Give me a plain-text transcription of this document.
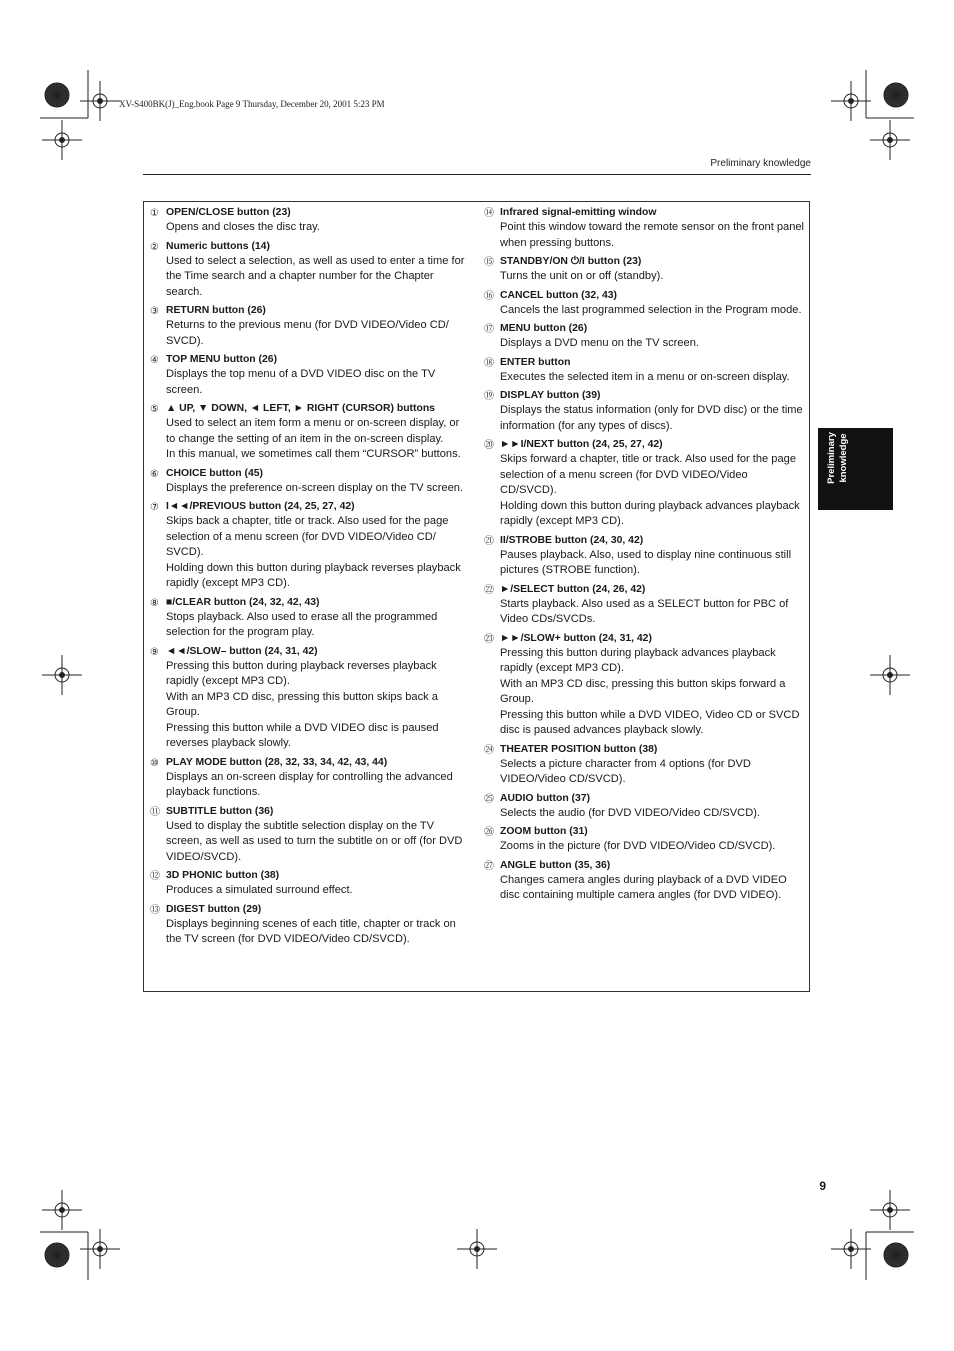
XV-S400BK(J)_Eng.book Page 9 Thursday, December 20, 2001 5:23 PM
Preliminary knowledge
① OPEN/CLOSE button (23)
Opens and closes the disc tray.
② Numeric buttons (14)
Used to select a selection, as well as used to enter a time for the Time search and a chapter number for the Chapter search.
③ RETURN button (26)
Returns to the previous menu (for DVD VIDEO/Video CD/ SVCD).
④ TOP MENU button (26)
Displays the top menu of a DVD VIDEO disc on the TV screen.
⑤ ▲ UP, ▼ DOWN, ◄ LEFT, ► RIGHT (CURSOR) buttons
Used to select an item form a menu or on-screen display, or to change the setting of an item in the on-screen display.
In this manual, we sometimes call them “CURSOR” buttons.
⑥ CHOICE button (45)
Displays the preference on-screen display on the TV screen.
⑦ I◄◄/PREVIOUS button (24, 25, 27, 42)
Skips back a chapter, title or track. Also used for the page selection of a menu screen (for DVD VIDEO/Video CD/ SVCD).
Holding down this button during playback reverses playback rapidly (except MP3 CD).
⑧ ■/CLEAR button (24, 32, 42, 43)
Stops playback. Also used to erase all the programmed selection for the program play.
⑨ ◄◄/SLOW– button (24, 31, 42)
Pressing this button during playback reverses playback rapidly (except MP3 CD).
With an MP3 CD disc, pressing this button skips back a Group.
Pressing this button while a DVD VIDEO disc is paused reverses playback slowly.
⑩ PLAY MODE button (28, 32, 33, 34, 42, 43, 44)
Displays an on-screen display for controlling the advanced playback functions.
⑪ SUBTITLE button (36)
Used to display the subtitle selection display on the TV screen, as well as used to turn the subtitle on or off (for DVD VIDEO/SVCD).
⑫ 3D PHONIC button (38)
Produces a simulated surround effect.
⑬ DIGEST button (29)
Displays beginning scenes of each title, chapter or track on the TV screen (for DVD VIDEO/Video CD/SVCD).
⑭ Infrared signal-emitting window
Point this window toward the remote sensor on the front panel when pressing buttons.
⑮ STANDBY/ON ⏻/I button (23)
Turns the unit on or off (standby).
⑯ CANCEL button (32, 43)
Cancels the last programmed selection in the Program mode.
⑰ MENU button (26)
Displays a DVD menu on the TV screen.
⑱ ENTER button
Executes the selected item in a menu or on-screen display.
⑲ DISPLAY button (39)
Displays the status information (only for DVD disc) or the time information (for any types of discs).
⑳ ►►I/NEXT button (24, 25, 27, 42)
Skips forward a chapter, title or track. Also used for the page selection of a menu screen (for DVD VIDEO/Video CD/SVCD).
Holding down this button during playback advances playback rapidly (except MP3 CD).
㉑ II/STROBE button (24, 30, 42)
Pauses playback. Also, used to display nine continuous still pictures (STROBE function).
㉒ ►/SELECT button (24, 26, 42)
Starts playback. Also used as a SELECT button for PBC of Video CDs/SVCDs.
㉓ ►►/SLOW+ button (24, 31, 42)
Pressing this button during playback advances playback rapidly (except MP3 CD).
With an MP3 CD disc, pressing this button skips forward a Group.
Pressing this button while a DVD VIDEO, Video CD or SVCD disc is paused advances playback slowly.
㉔ THEATER POSITION button (38)
Selects a picture character from 4 options (for DVD VIDEO/Video CD/SVCD).
㉕ AUDIO button (37)
Selects the audio (for DVD VIDEO/Video CD/SVCD).
㉖ ZOOM button (31)
Zooms in the picture (for DVD VIDEO/Video CD/SVCD).
㉗ ANGLE button (35, 36)
Changes camera angles during playback of a DVD VIDEO disc containing multiple camera angles (for DVD VIDEO).
Preliminary knowledge
9
